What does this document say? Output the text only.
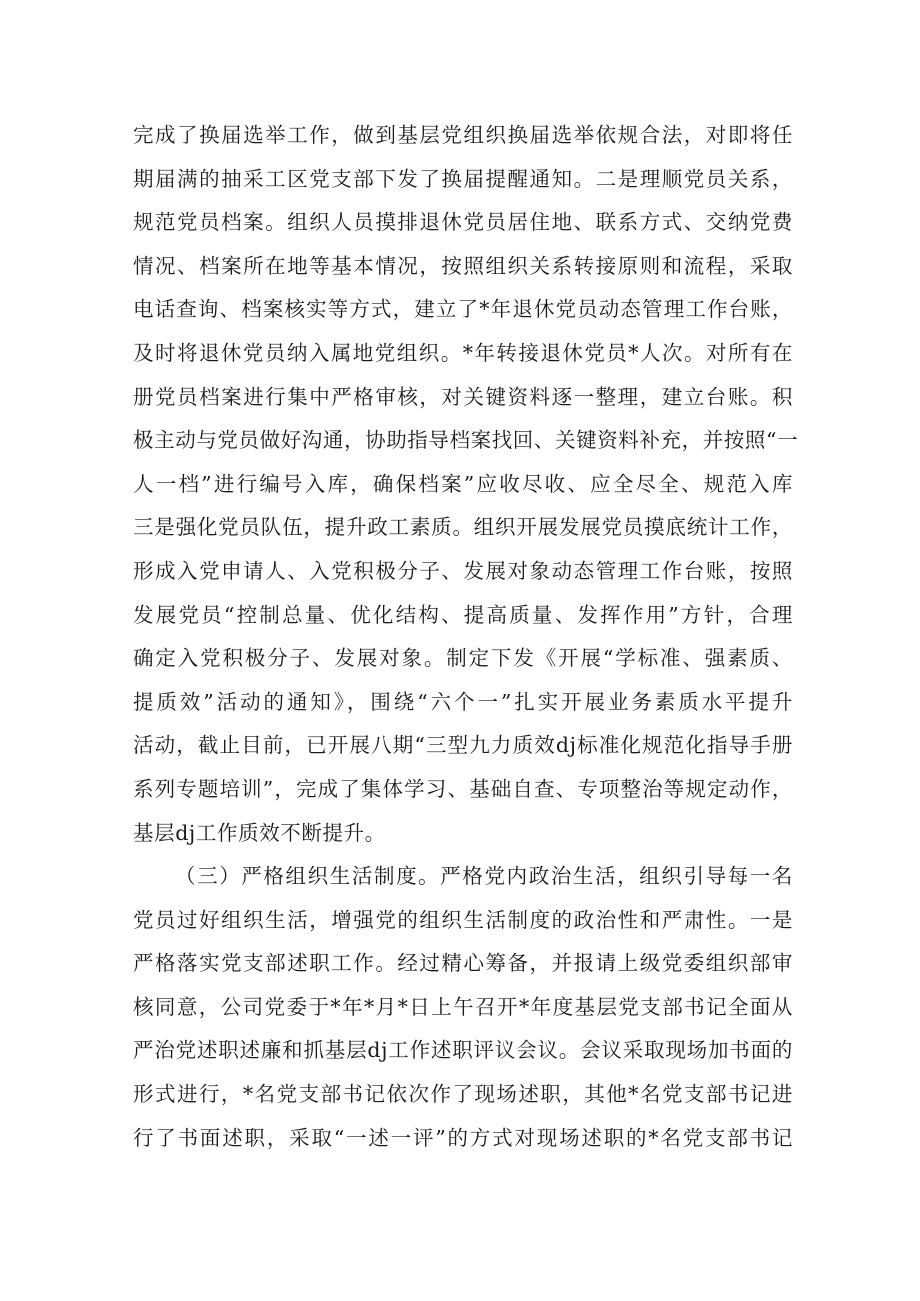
完成了换届选举工作，做到基层党组织换届选举依规合法，对即将任
期届满的抽采工区党支部下发了换届提醒通知。二是理顺党员关系，
规范党员档案。组织人员摸排退休党员居住地、联系方式、交纳党费
情况、档案所在地等基本情况，按照组织关系转接原则和流程，采取
电话查询、档案核实等方式，建立了*年退休党员动态管理工作台账，
及时将退休党员纳入属地党组织。*年转接退休党员*人次。对所有在
册党员档案进行集中严格审核，对关键资料逐一整理，建立台账。积
极主动与党员做好沟通，协助指导档案找回、关键资料补充，并按照“一
人一档”进行编号入库，确保档案”应收尽收、应全尽全、规范入库
三是强化党员队伍，提升政工素质。组织开展发展党员摸底统计工作，
形成入党申请人、入党积极分子、发展对象动态管理工作台账，按照
发展党员“控制总量、优化结构、提高质量、发挥作用”方针，合理
确定入党积极分子、发展对象。制定下发《开展“学标准、强素质、
提质效”活动的通知》，围绕“六个一”扎实开展业务素质水平提升
活动，截止目前，已开展八期“三型九力质效dj标准化规范化指导手册
系列专题培训”，完成了集体学习、基础自查、专项整治等规定动作，
基层dj工作质效不断提升。
（三）严格组织生活制度。严格党内政治生活，组织引导每一名
党员过好组织生活，增强党的组织生活制度的政治性和严肃性。一是
严格落实党支部述职工作。经过精心筹备，并报请上级党委组织部审
核同意，公司党委于*年*月*日上午召开*年度基层党支部书记全面从
严治党述职述廉和抓基层dj工作述职评议会议。会议采取现场加书面的
形式进行，*名党支部书记依次作了现场述职，其他*名党支部书记进
行了书面述职，采取“一述一评”的方式对现场述职的*名党支部书记
